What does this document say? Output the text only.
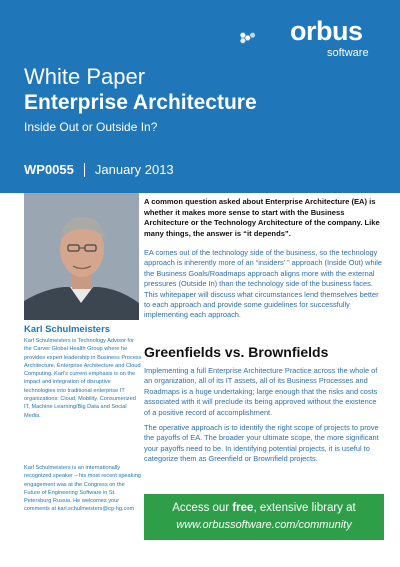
orbus
software
White Paper
Enterprise Architecture
Inside Out or Outside In?
WP0055 January 2013
Karl Schulmeisters
Karl Schulmeisters is Technology Advisor for the Carver Global Health Group where he provides expert leadership in Business Process Architecture, Enterprise Architecture and Cloud Computing. Karl's current emphasis is on the impact and integration of disruptive technologies into traditional enterprise IT organizations: Cloud, Mobility, Consumerized IT, Machine Learning/Big Data and Social Media.
Karl Schulmeisters is an internationally recognized speaker – his most recent speaking engagement was at the Congress on the Future of Engineering Software in St. Petersburg Russia. He welcomes your comments at karl.schulmeisters@cg-hg.com
A common question asked about Enterprise Architecture (EA) is whether it makes more sense to start with the Business Architecture or the Technology Architecture of the company. Like many things, the answer is “it depends”.
EA comes out of the technology side of the business, so the technology approach is inherently more of an “insiders’ ” approach (Inside Out) while the Business Goals/Roadmaps approach aligns more with the external pressures (Outside In) than the technology side of the business faces. This whitepaper will discuss what circumstances lend themselves better to each approach and provide some guidelines for successfully implementing each approach.
Greenfields vs. Brownfields
Implementing a full Enterprise Architecture Practice across the whole of an organization, all of its IT assets, all of its Business Processes and Roadmaps is a huge undertaking; large enough that the risks and costs associated with it will preclude its being approved without the existence of a positive record of accomplishment.
The operative approach is to identify the right scope of projects to prove the payoffs of EA. The broader your ultimate scope, the more significant your payoffs need to be. In identifying potential projects, it is useful to categorize them as Greenfield or Brownfield projects.
Access our free, extensive library at
www.orbussoftware.com/community
